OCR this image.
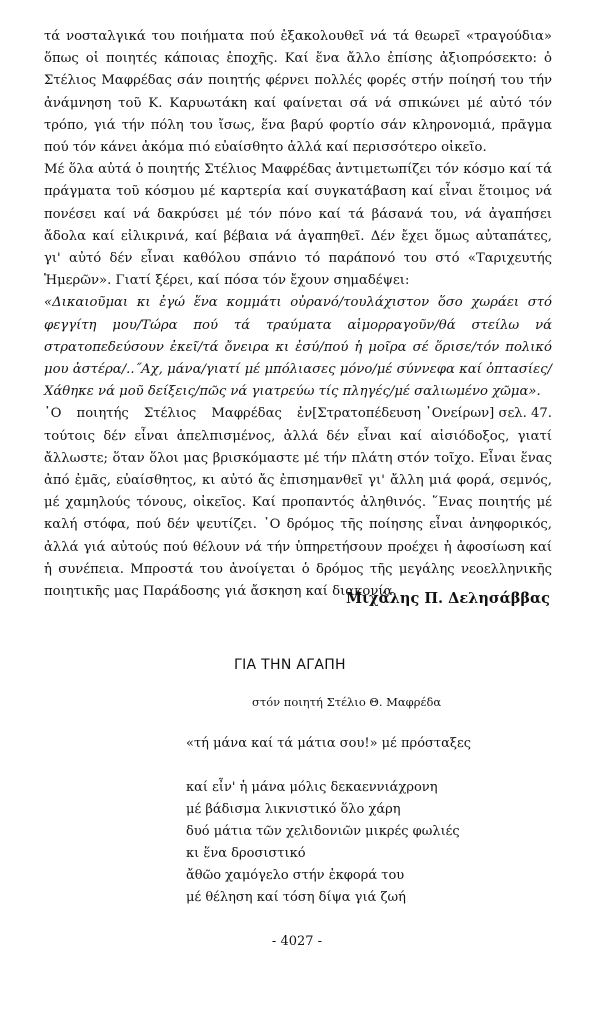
τά νοσταλγικά του ποιήματα πού ἐξακολουθεῖ νά τά θεωρεῖ «τραγούδια» ὅπως οἱ ποιητές κάποιας ἐποχῆς. Καί ἕνα ἄλλο ἐπίσης ἀξιοπρόσεκτο: ὁ Στέλιος Μαφρέδας σάν ποιητής φέρνει πολλές φορές στήν ποίησή του τήν ἀνάμνηση τοῦ Κ. Καρυωτάκη καί φαίνεται σά νά σπικώνει μέ αὐτό τόν τρόπο, γιά τήν πόλη του ἴσως, ἕνα βαρύ φορτίο σάν κληρονομιά, πρᾶγμα πού τόν κάνει ἀκόμα πιό εὐαίσθητο ἀλλά καί περισσότερο οἰκεῖο.

Μέ ὅλα αὐτά ὁ ποιητής Στέλιος Μαφρέδας ἀντιμετωπίζει τόν κόσμο καί τά πράγματα τοῦ κόσμου μέ καρτερία καί συγκατάβαση καί εἶναι ἕτοιμος νά πονέσει καί νά δακρύσει μέ τόν πόνο καί τά βάσανά του, νά ἀγαπήσει ἄδολα καί εἰλικρινά, καί βέβαια νά ἀγαπηθεῖ. Δέν ἔχει ὅμως αὐταπάτες, γι' αὐτό δέν εἶναι καθόλου σπάνιο τό παράπονό του στό «Ταριχευτής Ἡμερῶν». Γιατί ξέρει, καί πόσα τόν ἔχουν σημαδέψει:

«Δικαιοῦμαι κι ἐγώ ἕνα κομμάτι οὐρανό/τουλάχιστον ὅσο χωράει στό φεγγίτη μου/Τώρα πού τά τραύματα αἱμορραγοῦν/θά στείλω νά στρατοπεδεύσουν ἐκεῖ/τά ὄνειρα κι ἐσύ/πού ἡ μοῖρα σέ ὅρισε/τόν πολικό μου ἀστέρα/..˝Αχ, μάνα/γιατί μέ μπόλιασες μόνο/μέ σύννεφα καί ὀπτασίες/Χάθηκε νά μοῦ δείξεις/πῶς νά γιατρεύω τίς πληγές/μέ σαλιωμένο χῶμα».
[Στρατοπέδευση ᾽Ονείρων] σελ. 47.

᾽Ο ποιητής Στέλιος Μαφρέδας ἐν τούτοις δέν εἶναι ἀπελπισμένος, ἀλλά δέν εἶναι καί αἰσιόδοξος, γιατί ἄλλωστε; ὅταν ὅλοι μας βρισκόμαστε μέ τήν πλάτη στόν τοῖχο. Εἶναι ἕνας ἀπό ἐμᾶς, εὐαίσθητος, κι αὐτό ἄς ἐπισημανθεῖ γι' ἄλλη μιά φορά, σεμνός, μέ χαμηλούς τόνους, οἰκεῖος. Καί προπαντός ἀληθινός. ῞Ενας ποιητής μέ καλή στόφα, πού δέν ψευτίζει. ᾽Ο δρόμος τῆς ποίησης εἶναι ἀνηφορικός, ἀλλά γιά αὐτούς πού θέλουν νά τήν ὑπηρετήσουν προέχει ἡ ἀφοσίωση καί ἡ συνέπεια. Μπροστά του ἀνοίγεται ὁ δρόμος τῆς μεγάλης νεοελληνικῆς ποιητικῆς μας Παράδοσης γιά ἄσκηση καί διακονία.

Μιχάλης Π. Δελησάββας
ΓΙΑ ΤΗΝ ΑΓΑΠΗ
στόν ποιητή Στέλιο Θ. Μαφρέδα
«τή μάνα καί τά μάτια σου!» μέ πρόσταξες
καί εἶν' ἡ μάνα μόλις δεκαεννιάχρονη
μέ βάδισμα λικνιστικό ὅλο χάρη
δυό μάτια τῶν χελιδονιῶν μικρές φωλιές
κι ἕνα δροσιστικό
ἄθῶο χαμόγελο στήν ἐκφορά του
μέ θέληση καί τόση δίψα γιά ζωή
- 4027 -
